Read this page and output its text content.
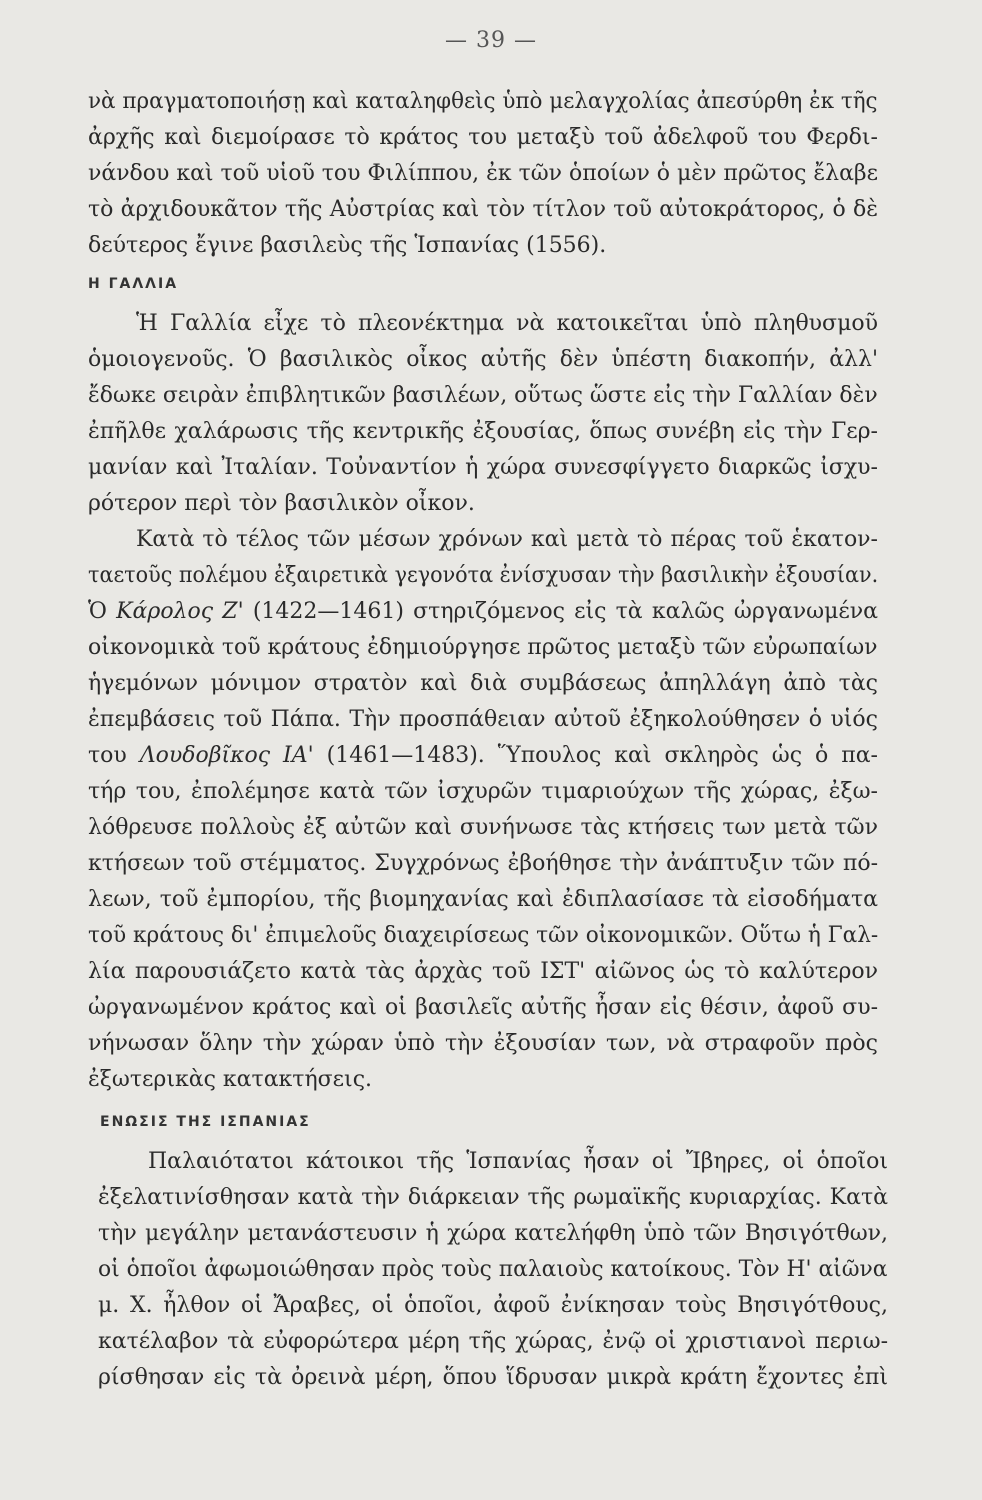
— 39 —
νὰ πραγματοποιήσῃ καὶ καταληφθεὶς ὑπὸ μελαγχολίας ἀπεσύρθη ἐκ τῆς
ἀρχῆς καὶ διεμοίρασε τὸ κράτος του μεταξὺ τοῦ ἀδελφοῦ του Φερδι-
νάνδου καὶ τοῦ υἱοῦ του Φιλίππου, ἐκ τῶν ὁποίων ὁ μὲν πρῶτος ἔλαβε
τὸ ἀρχιδουκᾶτον τῆς Αὐστρίας καὶ τὸν τίτλον τοῦ αὐτοκράτορος, ὁ δὲ
δεύτερος ἔγινε βασιλεὺς τῆς Ἱσπανίας (1556).
Η ΓΑΛΛΙΑ
Ἡ Γαλλία εἶχε τὸ πλεονέκτημα νὰ κατοικεῖται ὑπὸ πληθυσμοῦ
ὁμοιογενοῦς. Ὁ βασιλικὸς οἶκος αὐτῆς δὲν ὑπέστη διακοπήν, ἀλλ'
ἔδωκε σειρὰν ἐπιβλητικῶν βασιλέων, οὕτως ὥστε εἰς τὴν Γαλλίαν δὲν
ἐπῆλθε χαλάρωσις τῆς κεντρικῆς ἐξουσίας, ὅπως συνέβη εἰς τὴν Γερ-
μανίαν καὶ Ἰταλίαν. Τοὐναντίον ἡ χώρα συνεσφίγγετο διαρκῶς ἰσχυ-
ρότερον περὶ τὸν βασιλικὸν οἶκον.
Κατὰ τὸ τέλος τῶν μέσων χρόνων καὶ μετὰ τὸ πέρας τοῦ ἑκατον-
ταετοῦς πολέμου ἐξαιρετικὰ γεγονότα ἐνίσχυσαν τὴν βασιλικὴν ἐξουσίαν.
Ὁ Κάρολος Ζ' (1422—1461) στηριζόμενος εἰς τὰ καλῶς ὠργανωμένα
οἰκονομικὰ τοῦ κράτους ἐδημιούργησε πρῶτος μεταξὺ τῶν εὐρωπαίων
ἡγεμόνων μόνιμον στρατὸν καὶ διὰ συμβάσεως ἀπηλλάγη ἀπὸ τὰς
ἐπεμβάσεις τοῦ Πάπα. Τὴν προσπάθειαν αὐτοῦ ἐξηκολούθησεν ὁ υἱός
του Λουδοβῖκος ΙΑ' (1461—1483). Ὕπουλος καὶ σκληρὸς ὡς ὁ πα-
τήρ του, ἐπολέμησε κατὰ τῶν ἰσχυρῶν τιμαριούχων τῆς χώρας, ἐξω-
λόθρευσε πολλοὺς ἐξ αὐτῶν καὶ συνήνωσε τὰς κτήσεις των μετὰ τῶν
κτήσεων τοῦ στέμματος. Συγχρόνως ἐβοήθησε τὴν ἀνάπτυξιν τῶν πό-
λεων, τοῦ ἐμπορίου, τῆς βιομηχανίας καὶ ἐδιπλασίασε τὰ εἰσοδήματα
τοῦ κράτους δι' ἐπιμελοῦς διαχειρίσεως τῶν οἰκονομικῶν. Οὕτω ἡ Γαλ-
λία παρουσιάζετο κατὰ τὰς ἀρχὰς τοῦ ΙΣΤ' αἰῶνος ὡς τὸ καλύτερον
ὠργανωμένον κράτος καὶ οἱ βασιλεῖς αὐτῆς ἦσαν εἰς θέσιν, ἀφοῦ συ-
νήνωσαν ὅλην τὴν χώραν ὑπὸ τὴν ἐξουσίαν των, νὰ στραφοῦν πρὸς
ἐξωτερικὰς κατακτήσεις.
ΕΝΩΣΙΣ ΤΗΣ ΙΣΠΑΝΙΑΣ
Παλαιότατοι κάτοικοι τῆς Ἱσπανίας ἦσαν οἱ Ἴβηρες, οἱ ὁποῖοι
ἐξελατινίσθησαν κατὰ τὴν διάρκειαν τῆς ρωμαϊκῆς κυριαρχίας. Κατὰ
τὴν μεγάλην μετανάστευσιν ἡ χώρα κατελήφθη ὑπὸ τῶν Βησιγότθων,
οἱ ὁποῖοι ἀφωμοιώθησαν πρὸς τοὺς παλαιοὺς κατοίκους. Τὸν Η' αἰῶνα
μ. Χ. ἦλθον οἱ Ἄραβες, οἱ ὁποῖοι, ἀφοῦ ἐνίκησαν τοὺς Βησιγότθους,
κατέλαβον τὰ εὐφορώτερα μέρη τῆς χώρας, ἐνῷ οἱ χριστιανοὶ περιω-
ρίσθησαν εἰς τὰ ὀρεινὰ μέρη, ὅπου ἵδρυσαν μικρὰ κράτη ἔχοντες ἐπὶ
